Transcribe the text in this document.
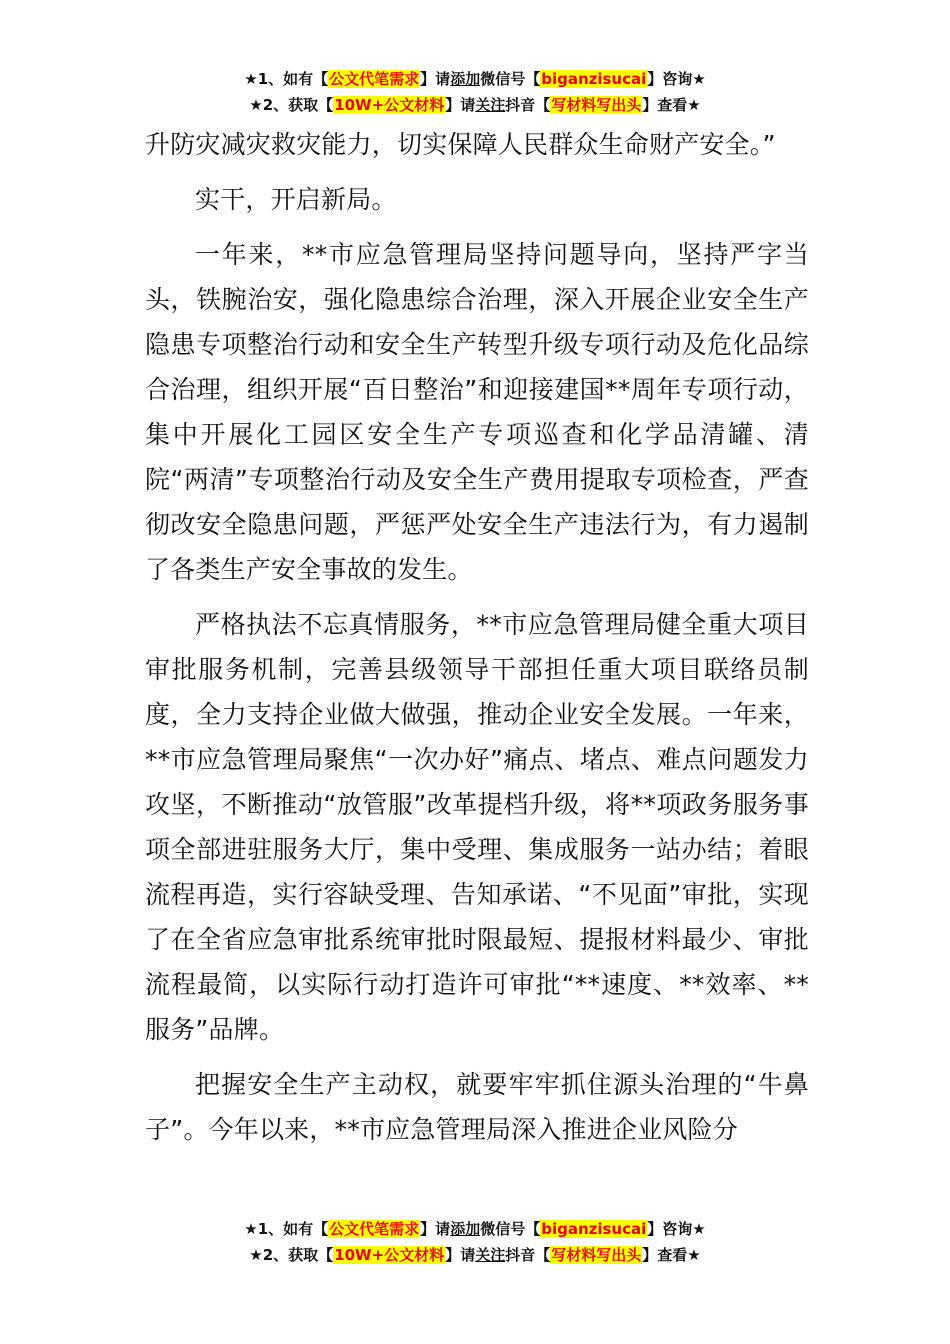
★1、如有【公文代笔需求】请添加微信号【biganzisucai】咨询★
★2、获取【10W+公文材料】请关注抖音【写材料写出头】查看★

升防灾减灾救灾能力，切实保障人民群众生命财产安全。”

实干，开启新局。

一年来，**市应急管理局坚持问题导向，坚持严字当头，铁腕治安，强化隐患综合治理，深入开展企业安全生产隐患专项整治行动和安全生产转型升级专项行动及危化品综合治理，组织开展“百日整治”和迎接建国**周年专项行动，集中开展化工园区安全生产专项巡查和化学品清罐、清院“两清”专项整治行动及安全生产费用提取专项检查，严查彻改安全隐患问题，严惩严处安全生产违法行为，有力遏制了各类生产安全事故的发生。

严格执法不忘真情服务，**市应急管理局健全重大项目审批服务机制，完善县级领导干部担任重大项目联络员制度，全力支持企业做大做强，推动企业安全发展。一年来，**市应急管理局聚焦“一次办好”痛点、堵点、难点问题发力攻坚，不断推动“放管服”改革提档升级，将**项政务服务事项全部进驻服务大厅，集中受理、集成服务一站办结；着眼流程再造，实行容缺受理、告知承诺、“不见面”审批，实现了在全省应急审批系统审批时限最短、提报材料最少、审批流程最简，以实际行动打造许可审批“**速度、**效率、**服务”品牌。

把握安全生产主动权，就要牢牢抓住源头治理的“牛鼻子”。今年以来，**市应急管理局深入推进企业风险分

★1、如有【公文代笔需求】请添加微信号【biganzisucai】咨询★
★2、获取【10W+公文材料】请关注抖音【写材料写出头】查看★
